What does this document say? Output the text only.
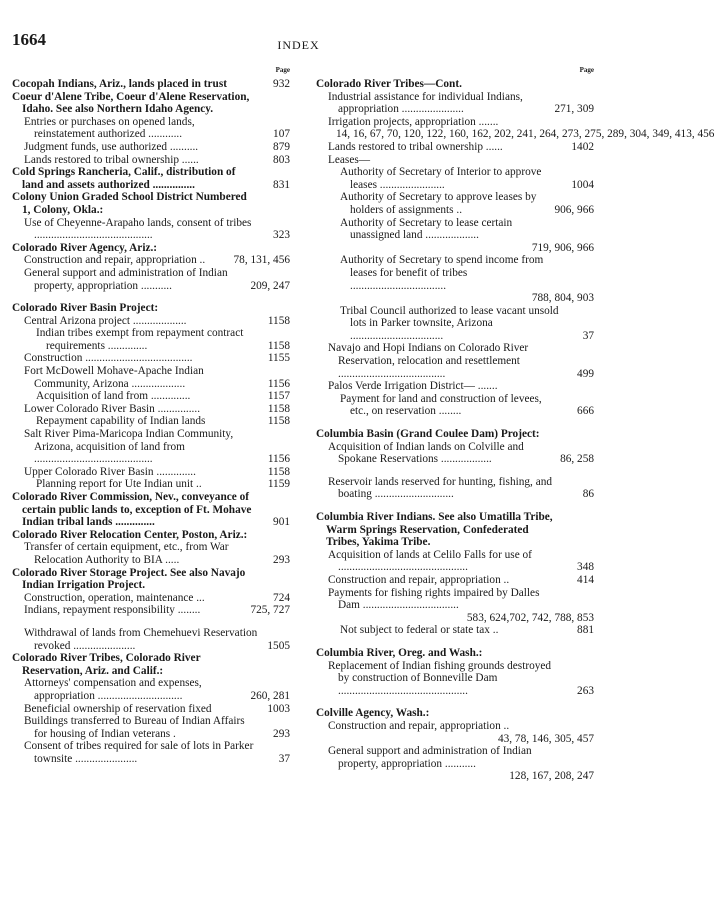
1664	INDEX
Page
Cocopah Indians, Ariz., lands placed in trust	932
Coeur d'Alene Tribe, Coeur d'Alene Reservation, Idaho. See also Northern Idaho Agency.
Entries or purchases on opened lands, reinstatement authorized ............	107
Judgment funds, use authorized ..........	879
Lands restored to tribal ownership ......	803
Cold Springs Rancheria, Calif., distribution of land and assets authorized ...............	831
Colony Union Graded School District Numbered 1, Colony, Okla.:
Use of Cheyenne-Arapaho lands, consent of tribes ..........................................	323
Colorado River Agency, Ariz.:
Construction and repair, appropriation ..	78, 131, 456
General support and administration of Indian property, appropriation ...........	209, 247
Colorado River Basin Project:
Central Arizona project ...................	1158
Indian tribes exempt from repayment contract requirements ..............	1158
Construction ......................................	1155
Fort McDowell Mohave-Apache Indian Community, Arizona ...................	1156
Acquisition of land from ..............	1157
Lower Colorado River Basin ...............	1158
Repayment capability of Indian lands	1158
Salt River Pima-Maricopa Indian Community, Arizona, acquisition of land from ..........................................	1156
Upper Colorado River Basin ..............	1158
Planning report for Ute Indian unit ..	1159
Colorado River Commission, Nev., conveyance of certain public lands to, exception of Ft. Mohave Indian tribal lands ..............	901
Colorado River Relocation Center, Poston, Ariz.:
Transfer of certain equipment, etc., from War Relocation Authority to BIA .....	293
Colorado River Storage Project. See also Navajo Indian Irrigation Project.
Construction, operation, maintenance ...	724
Indians, repayment responsibility ........	725, 727
Withdrawal of lands from Chemehuevi Reservation revoked ......................	1505
Colorado River Tribes, Colorado River Reservation, Ariz. and Calif.:
Attorneys' compensation and expenses, appropriation ..............................	260, 281
Beneficial ownership of reservation fixed	1003
Buildings transferred to Bureau of Indian Affairs for housing of Indian veterans .	293
Consent of tribes required for sale of lots in Parker townsite ......................	37
Page
Colorado River Tribes—Cont.
Industrial assistance for individual Indians, appropriation ......................	271, 309
Irrigation projects, appropriation .......
14, 16, 67, 70, 120, 122, 160, 162, 202, 241, 264, 273, 275, 289, 304, 349, 413, 456
Lands restored to tribal ownership ......	1402
Leases—
Authority of Secretary of Interior to approve leases .......................	1004
Authority of Secretary to approve leases by holders of assignments ..	906, 966
Authority of Secretary to lease certain unassigned land ...................
719, 906, 966
Authority of Secretary to spend income from leases for benefit of tribes ..................................
788, 804, 903
Tribal Council authorized to lease vacant unsold lots in Parker townsite, Arizona .................................	37
Navajo and Hopi Indians on Colorado River Reservation, relocation and resettlement ......................................	499
Palos Verde Irrigation District— .......
Payment for land and construction of levees, etc., on reservation ........	666
Columbia Basin (Grand Coulee Dam) Project:
Acquisition of Indian lands on Colville and Spokane Reservations ..................	86, 258
Reservoir lands reserved for hunting, fishing, and boating ............................	86
Columbia River Indians. See also Umatilla Tribe, Warm Springs Reservation, Confederated Tribes, Yakima Tribe.
Acquisition of lands at Celilo Falls for use of ..............................................	348
Construction and repair, appropriation ..	414
Payments for fishing rights impaired by Dalles Dam ..................................
583, 624,702, 742, 788, 853
Not subject to federal or state tax ..	881
Columbia River, Oreg. and Wash.:
Replacement of Indian fishing grounds destroyed by construction of Bonneville Dam ..............................................	263
Colville Agency, Wash.:
Construction and repair, appropriation ..
43, 78, 146, 305, 457
General support and administration of Indian property, appropriation ...........
128, 167, 208, 247
